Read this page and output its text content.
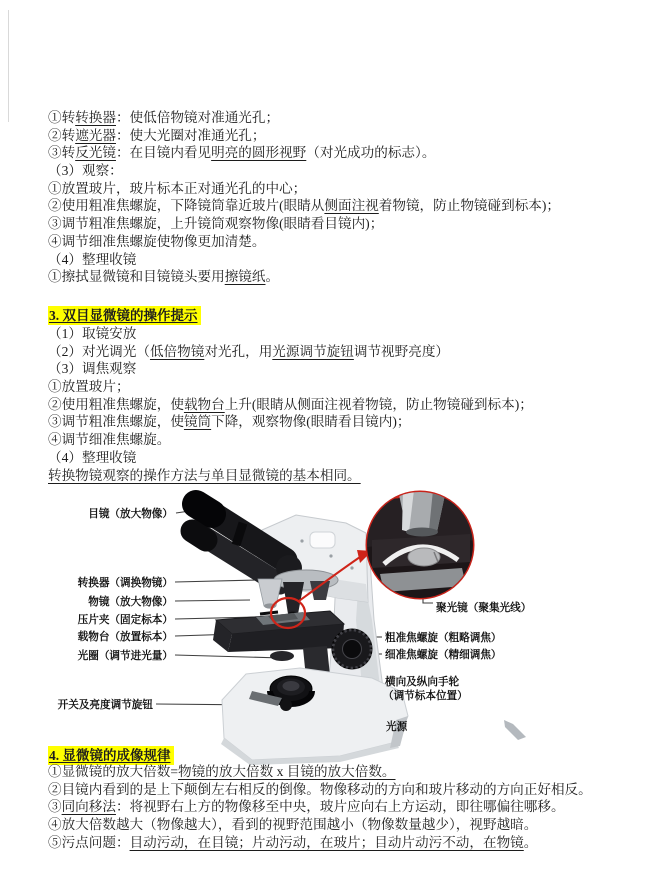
①转转换器：使低倍物镜对准通光孔；
②转遮光器：使大光圈对准通光孔；
③转反光镜：在目镜内看见明亮的圆形视野（对光成功的标志）。
（3）观察：
①放置玻片，玻片标本正对通光孔的中心；
②使用粗准焦螺旋，下降镜筒靠近玻片(眼睛从侧面注视着物镜，防止物镜碰到标本)；
③调节粗准焦螺旋，上升镜筒观察物像(眼睛看目镜内)；
④调节细准焦螺旋使物像更加清楚。
（4）整理收镜
①擦拭显微镜和目镜镜头要用擦镜纸。
3. 双目显微镜的操作提示
（1）取镜安放
（2）对光调光（低倍物镜对光孔，用光源调节旋钮调节视野亮度）
（3）调焦观察
①放置玻片；
②使用粗准焦螺旋，使载物台上升(眼睛从侧面注视着物镜，防止物镜碰到标本)；
③调节粗准焦螺旋，使镜筒下降，观察物像(眼睛看目镜内)；
④调节细准焦螺旋。
（4）整理收镜
转换物镜观察的操作方法与单目显微镜的基本相同。
目镜（放大物像）
转换器（调换物镜）
物镜（放大物像）
压片夹（固定标本）
载物台（放置标本）
光圈（调节进光量）
开关及亮度调节旋钮
聚光镜（聚集光线）
粗准焦螺旋（粗略调焦）
细准焦螺旋（精细调焦）
横向及纵向手轮
（调节标本位置）
光源
4. 显微镜的成像规律
①显微镜的放大倍数=物镜的放大倍数 x 目镜的放大倍数。
②目镜内看到的是上下颠倒左右相反的倒像。物像移动的方向和玻片移动的方向正好相反。
③同向移法：将视野右上方的物像移至中央，玻片应向右上方运动，即往哪偏往哪移。
④放大倍数越大（物像越大），看到的视野范围越小（物像数量越少），视野越暗。
⑤污点问题：目动污动，在目镜；片动污动，在玻片；目动片动污不动，在物镜。
